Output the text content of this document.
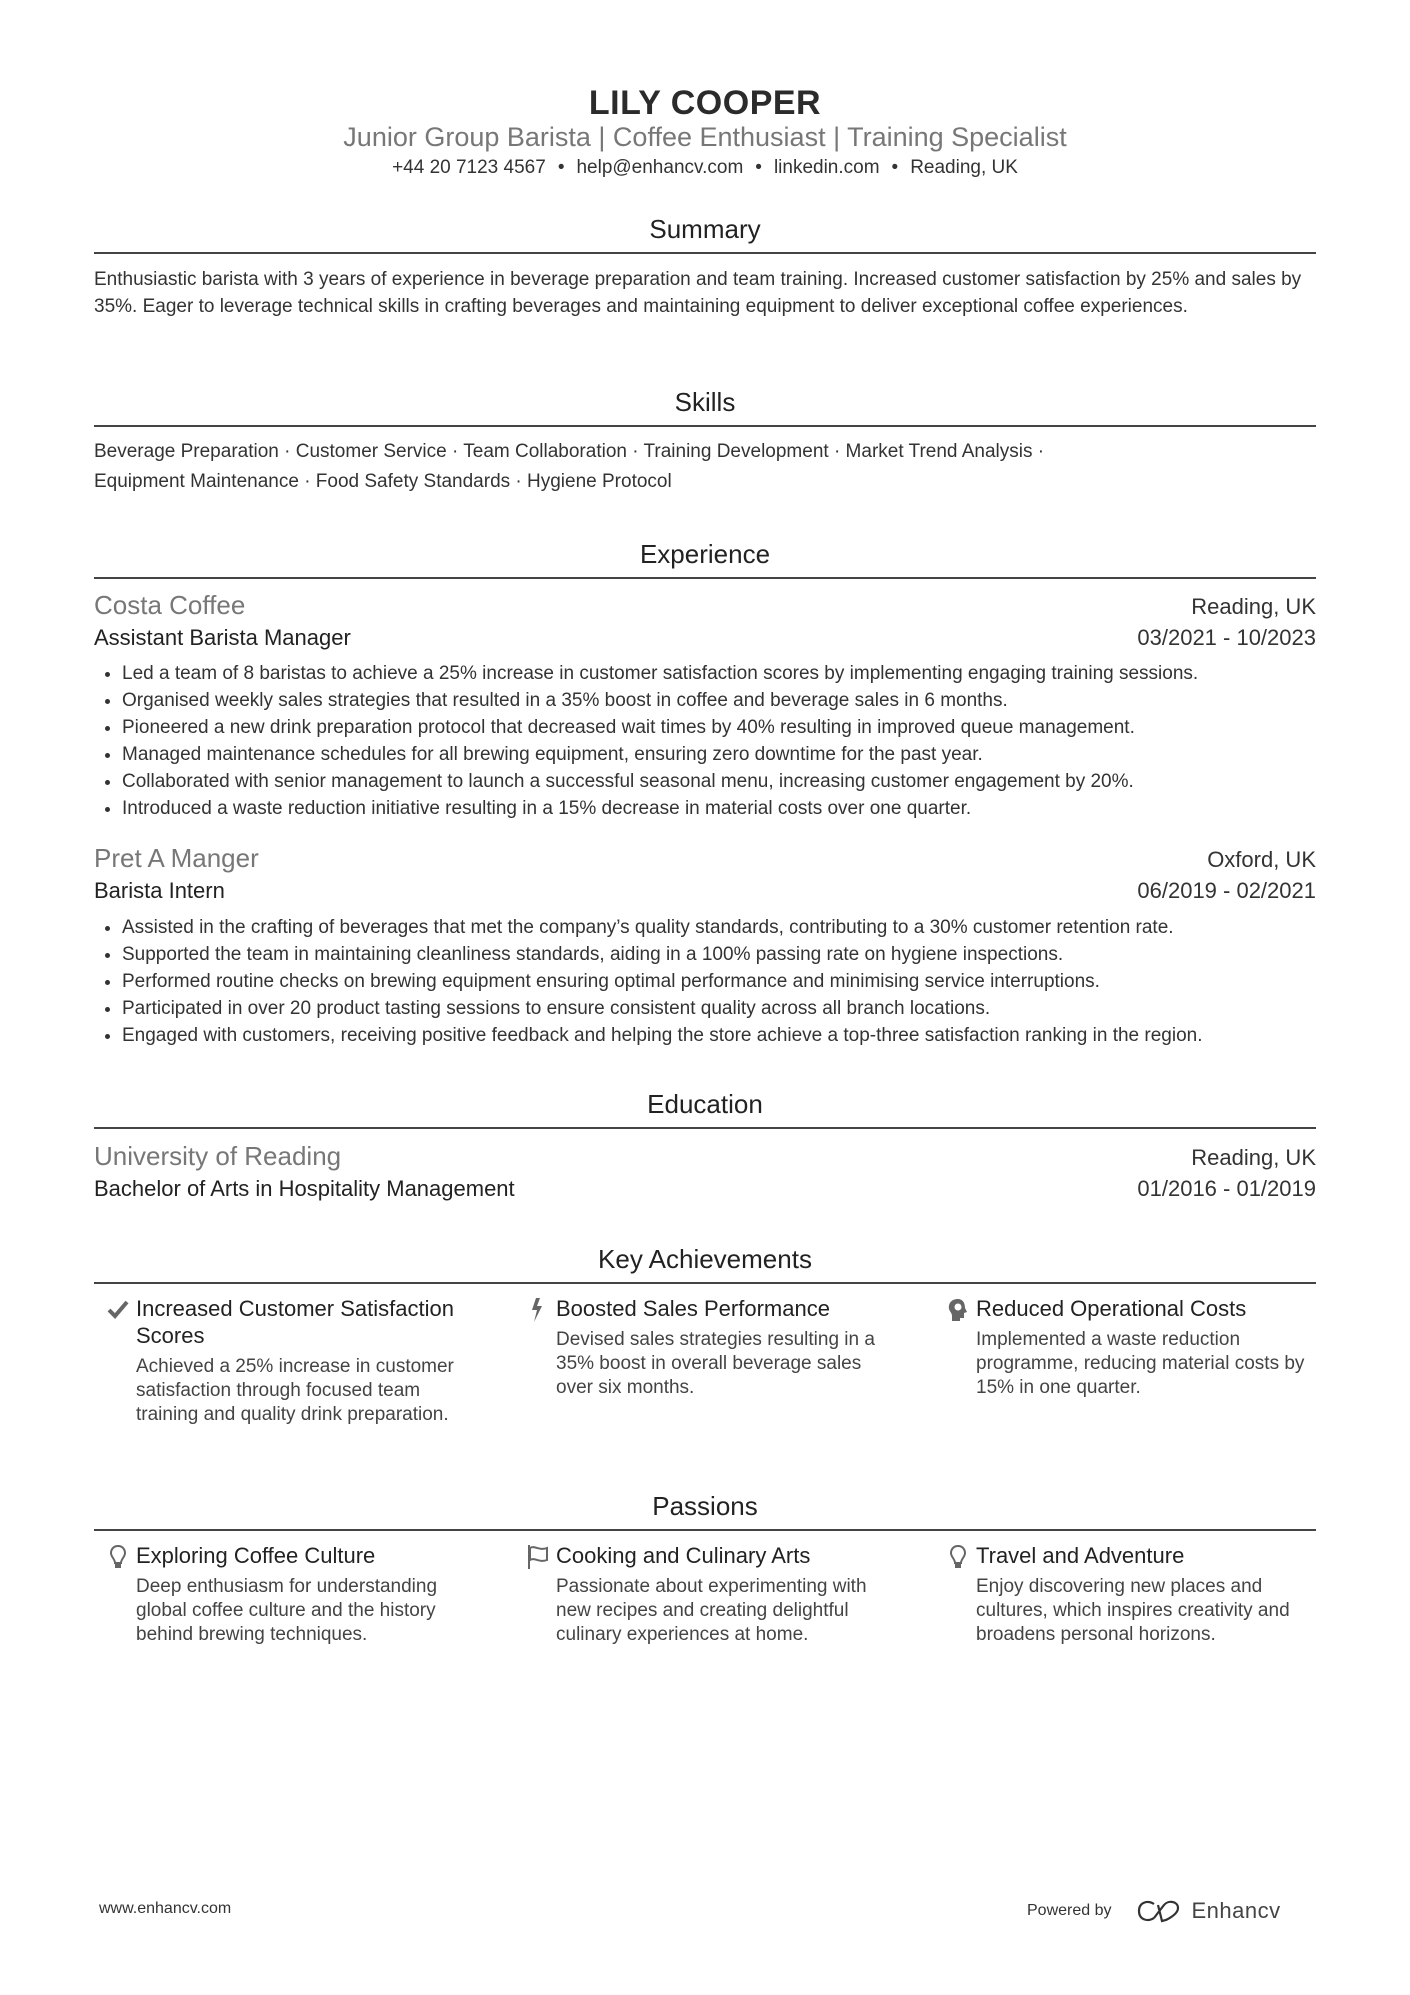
LILY COOPER
Junior Group Barista | Coffee Enthusiast | Training Specialist
+44 20 7123 4567 • help@enhancv.com • linkedin.com • Reading, UK
Summary
Enthusiastic barista with 3 years of experience in beverage preparation and team training. Increased customer satisfaction by 25% and sales by 35%. Eager to leverage technical skills in crafting beverages and maintaining equipment to deliver exceptional coffee experiences.
Skills
Beverage Preparation · Customer Service · Team Collaboration · Training Development · Market Trend Analysis ·
Equipment Maintenance · Food Safety Standards · Hygiene Protocol
Experience
Costa Coffee	Reading, UK
Assistant Barista Manager	03/2021 - 10/2023
• Led a team of 8 baristas to achieve a 25% increase in customer satisfaction scores by implementing engaging training sessions.
• Organised weekly sales strategies that resulted in a 35% boost in coffee and beverage sales in 6 months.
• Pioneered a new drink preparation protocol that decreased wait times by 40% resulting in improved queue management.
• Managed maintenance schedules for all brewing equipment, ensuring zero downtime for the past year.
• Collaborated with senior management to launch a successful seasonal menu, increasing customer engagement by 20%.
• Introduced a waste reduction initiative resulting in a 15% decrease in material costs over one quarter.
Pret A Manger	Oxford, UK
Barista Intern	06/2019 - 02/2021
• Assisted in the crafting of beverages that met the company’s quality standards, contributing to a 30% customer retention rate.
• Supported the team in maintaining cleanliness standards, aiding in a 100% passing rate on hygiene inspections.
• Performed routine checks on brewing equipment ensuring optimal performance and minimising service interruptions.
• Participated in over 20 product tasting sessions to ensure consistent quality across all branch locations.
• Engaged with customers, receiving positive feedback and helping the store achieve a top-three satisfaction ranking in the region.
Education
University of Reading	Reading, UK
Bachelor of Arts in Hospitality Management	01/2016 - 01/2019
Key Achievements
Increased Customer Satisfaction Scores
Achieved a 25% increase in customer satisfaction through focused team training and quality drink preparation.
Boosted Sales Performance
Devised sales strategies resulting in a 35% boost in overall beverage sales over six months.
Reduced Operational Costs
Implemented a waste reduction programme, reducing material costs by 15% in one quarter.
Passions
Exploring Coffee Culture
Deep enthusiasm for understanding global coffee culture and the history behind brewing techniques.
Cooking and Culinary Arts
Passionate about experimenting with new recipes and creating delightful culinary experiences at home.
Travel and Adventure
Enjoy discovering new places and cultures, which inspires creativity and broadens personal horizons.
www.enhancv.com	Powered by	Enhancv
